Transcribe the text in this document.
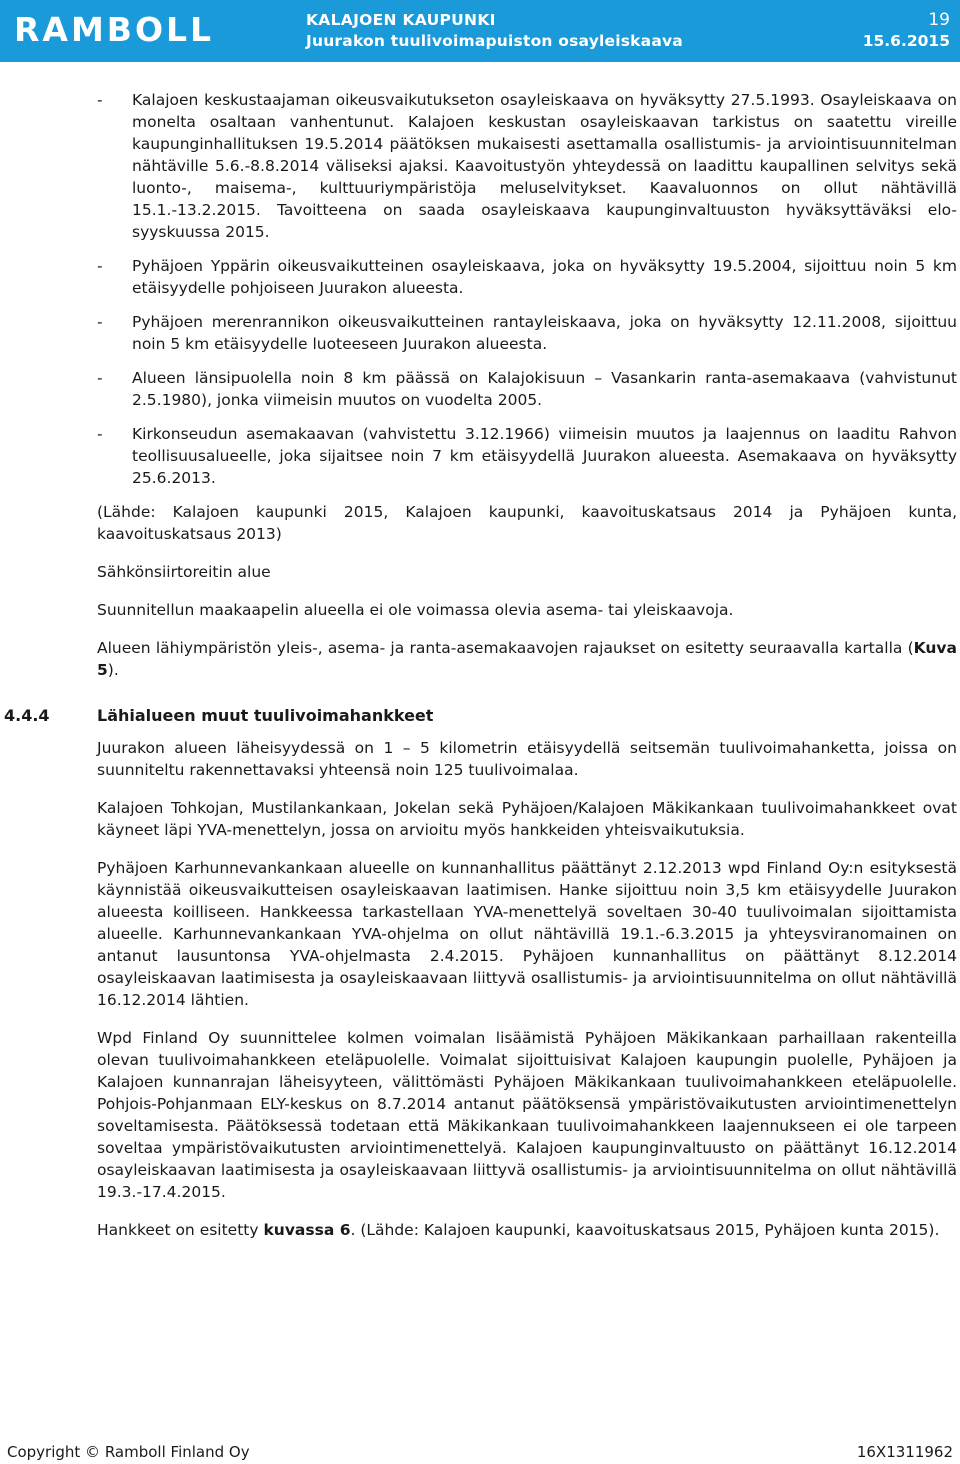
RAMBOLL	KALAJOEN KAUPUNKI
Juurakon tuulivoimapuiston osayleiskaava
19
15.6.2015
- Kalajoen keskustaajaman oikeusvaikutukseton osayleiskaava on hyväksytty 27.5.1993. Osayleiskaava on monelta osaltaan vanhentunut. Kalajoen keskustan osayleiskaavan tarkistus on saatettu vireille kaupunginhallituksen 19.5.2014 päätöksen mukaisesti asettamalla osallistumis- ja arviointisuunnitelman nähtäville 5.6.-8.8.2014 väliseksi ajaksi. Kaavoitustyön yhteydessä on laadittu kaupallinen selvitys sekä luonto-, maisema-, kulttuuriympäristöja meluselvitykset. Kaavaluonnos on ollut nähtävillä 15.1.-13.2.2015. Tavoitteena on saada osayleiskaava kaupunginvaltuuston hyväksyttäväksi elo-syyskuussa 2015.
- Pyhäjoen Yppärin oikeusvaikutteinen osayleiskaava, joka on hyväksytty 19.5.2004, sijoittuu noin 5 km etäisyydelle pohjoiseen Juurakon alueesta.
- Pyhäjoen merenrannikon oikeusvaikutteinen rantayleiskaava, joka on hyväksytty 12.11.2008, sijoittuu noin 5 km etäisyydelle luoteeseen Juurakon alueesta.
- Alueen länsipuolella noin 8 km päässä on Kalajokisuun – Vasankarin ranta-asemakaava (vahvistunut 2.5.1980), jonka viimeisin muutos on vuodelta 2005.
- Kirkonseudun asemakaavan (vahvistettu 3.12.1966) viimeisin muutos ja laajennus on laaditu Rahvon teollisuusalueelle, joka sijaitsee noin 7 km etäisyydellä Juurakon alueesta. Asemakaava on hyväksytty 25.6.2013.

(Lähde: Kalajoen kaupunki 2015, Kalajoen kaupunki, kaavoituskatsaus 2014 ja Pyhäjoen kunta, kaavoituskatsaus 2013)

Sähkönsiirtoreitin alue

Suunnitellun maakaapelin alueella ei ole voimassa olevia asema- tai yleiskaavoja.

Alueen lähiympäristön yleis-, asema- ja ranta-asemakaavojen rajaukset on esitetty seuraavalla kartalla (Kuva 5).

4.4.4	Lähialueen muut tuulivoimahankkeet

Juurakon alueen läheisyydessä on 1 – 5 kilometrin etäisyydellä seitsemän tuulivoimahanketta, joissa on suunniteltu rakennettavaksi yhteensä noin 125 tuulivoimalaa.

Kalajoen Tohkojan, Mustilankankaan, Jokelan sekä Pyhäjoen/Kalajoen Mäkikankaan tuulivoimahankkeet ovat käyneet läpi YVA-menettelyn, jossa on arvioitu myös hankkeiden yhteisvaikutuksia.

Pyhäjoen Karhunnevankankaan alueelle on kunnanhallitus päättänyt 2.12.2013 wpd Finland Oy:n esityksestä käynnistää oikeusvaikutteisen osayleiskaavan laatimisen. Hanke sijoittuu noin 3,5 km etäisyydelle Juurakon alueesta koilliseen. Hankkeessa tarkastellaan YVA-menettelyä soveltaen 30-40 tuulivoimalan sijoittamista alueelle. Karhunnevankankaan YVA-ohjelma on ollut nähtävillä 19.1.-6.3.2015 ja yhteysviranomainen on antanut lausuntonsa YVA-ohjelmasta 2.4.2015. Pyhäjoen kunnanhallitus on päättänyt 8.12.2014 osayleiskaavan laatimisesta ja osayleiskaavaan liittyvä osallistumis- ja arviointisuunnitelma on ollut nähtävillä 16.12.2014 lähtien.

Wpd Finland Oy suunnittelee kolmen voimalan lisäämistä Pyhäjoen Mäkikankaan parhaillaan rakenteilla olevan tuulivoimahankkeen eteläpuolelle. Voimalat sijoittuisivat Kalajoen kaupungin puolelle, Pyhäjoen ja Kalajoen kunnanrajan läheisyyteen, välittömästi Pyhäjoen Mäkikankaan tuulivoimahankkeen eteläpuolelle. Pohjois-Pohjanmaan ELY-keskus on 8.7.2014 antanut päätöksensä ympäristövaikutusten arviointimenettelyn soveltamisesta. Päätöksessä todetaan että Mäkikankaan tuulivoimahankkeen laajennukseen ei ole tarpeen soveltaa ympäristövaikutusten arviointimenettelyä. Kalajoen kaupunginvaltuusto on päättänyt 16.12.2014 osayleiskaavan laatimisesta ja osayleiskaavaan liittyvä osallistumis- ja arviointisuunnitelma on ollut nähtävillä 19.3.-17.4.2015.

Hankkeet on esitetty kuvassa 6. (Lähde: Kalajoen kaupunki, kaavoituskatsaus 2015, Pyhäjoen kunta 2015).

Copyright © Ramboll Finland Oy	16X1311962
